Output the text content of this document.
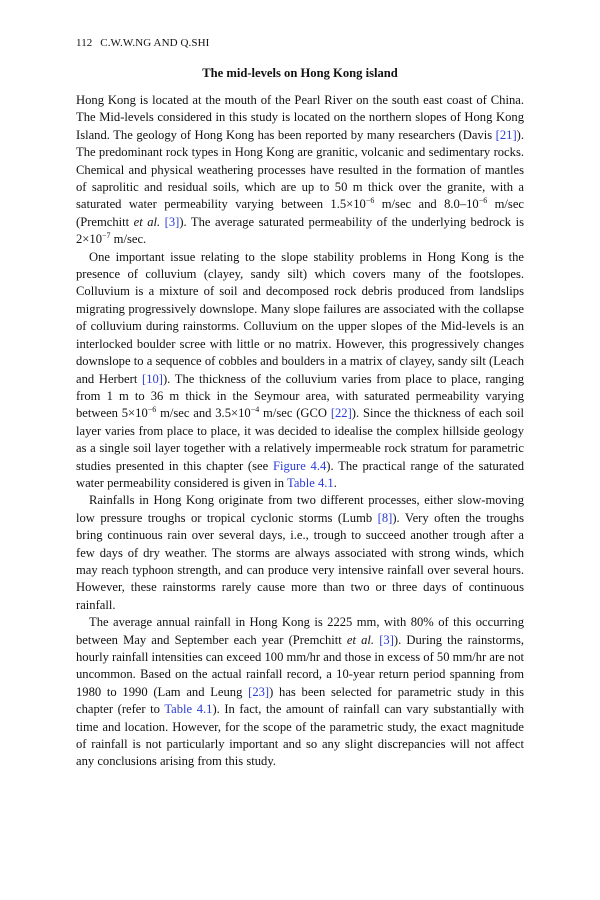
112 C.W.W.NG AND Q.SHI
The mid-levels on Hong Kong island

Hong Kong is located at the mouth of the Pearl River on the south east coast of China. The Mid-levels considered in this study is located on the northern slopes of Hong Kong Island. The geology of Hong Kong has been reported by many researchers (Davis [21]). The predominant rock types in Hong Kong are granitic, volcanic and sedimentary rocks. Chemical and physical weathering processes have resulted in the formation of mantles of saprolitic and residual soils, which are up to 50 m thick over the granite, with a saturated water permeability varying between $1.5\times 10^{-6}$ m/sec and $8.0-10^{-6}$ m/sec (Premchitt et al. [3]). The average saturated permeability of the underlying bedrock is $2\times 10^{-7}$ m/sec.

One important issue relating to the slope stability problems in Hong Kong is the presence of colluvium (clayey, sandy silt) which covers many of the footslopes. Colluvium is a mixture of soil and decomposed rock debris produced from landslips migrating progressively downslope. Many slope failures are associated with the collapse of colluvium during rainstorms. Colluvium on the upper slopes of the Mid-levels is an interlocked boulder scree with little or no matrix. However, this progressively changes downslope to a sequence of cobbles and boulders in a matrix of clayey, sandy silt (Leach and Herbert [10]). The thickness of the colluvium varies from place to place, ranging from 1 m to 36 m thick in the Seymour area, with saturated permeability varying between $5\times 10^{-6}$ m/sec and $3.5\times 10^{-4}$ m/sec (GCO [22]). Since the thickness of each soil layer varies from place to place, it was decided to idealise the complex hillside geology as a single soil layer together with a relatively impermeable rock stratum for parametric studies presented in this chapter (see Figure 4.4). The practical range of the saturated water permeability considered is given in Table 4.1.

Rainfalls in Hong Kong originate from two different processes, either slow-moving low pressure troughs or tropical cyclonic storms (Lumb [8]). Very often the troughs bring continuous rain over several days, i.e., trough to succeed another trough after a few days of dry weather. The storms are always associated with strong winds, which may reach typhoon strength, and can produce very intensive rainfall over several hours. However, these rainstorms rarely cause more than two or three days of continuous rainfall.

The average annual rainfall in Hong Kong is 2225 mm, with 80% of this occurring between May and September each year (Premchitt et al. [3]). During the rainstorms, hourly rainfall intensities can exceed 100 mm/hr and those in excess of 50 mm/hr are not uncommon. Based on the actual rainfall record, a 10-year return period spanning from 1980 to 1990 (Lam and Leung [23]) has been selected for parametric study in this chapter (refer to Table 4.1). In fact, the amount of rainfall can vary substantially with time and location. However, for the scope of the parametric study, the exact magnitude of rainfall is not particularly important and so any slight discrepancies will not affect any conclusions arising from this study.
